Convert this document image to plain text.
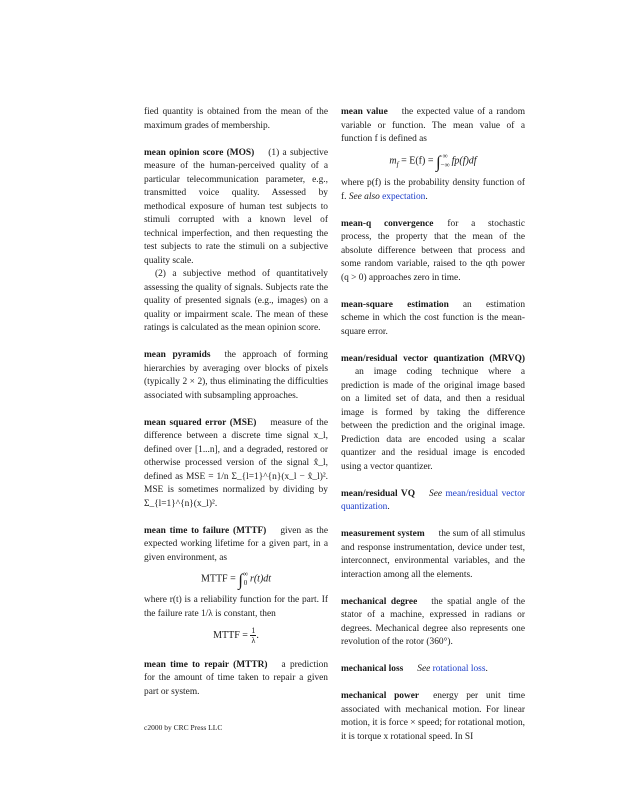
fied quantity is obtained from the mean of the maximum grades of membership.

mean opinion score (MOS) (1) a subjective measure of the human-perceived quality of a particular telecommunication parameter, e.g., transmitted voice quality. Assessed by methodical exposure of human test subjects to stimuli corrupted with a known level of technical imperfection, and then requesting the test subjects to rate the stimuli on a subjective quality scale.

(2) a subjective method of quantitatively assessing the quality of signals. Subjects rate the quality of presented signals (e.g., images) on a quality or impairment scale. The mean of these ratings is calculated as the mean opinion score.

mean pyramids the approach of forming hierarchies by averaging over blocks of pixels (typically 2 × 2), thus eliminating the difficulties associated with subsampling approaches.

mean squared error (MSE) measure of the difference between a discrete time signal x_l, defined over [1...n], and a degraded, restored or otherwise processed version of the signal x̂_l, defined as MSE = 1/n Σ_{l=1}^{n}(x_l − x̂_l)². MSE is sometimes normalized by dividing by Σ_{l=1}^{n}(x_l)².

mean time to failure (MTTF) given as the expected working lifetime for a given part, in a given environment, as

MTTF = ∫ ∞
0 r(t)dt

where r(t) is a reliability function for the part. If the failure rate 1/λ is constant, then

MTTF = $\frac{1}{\lambda}$ .

mean time to repair (MTTR) a prediction for the amount of time taken to repair a given part or system.

mean value the expected value of a random variable or function. The mean value of a function f is defined as

$m_f = E(f)$ = ∫ ∞
−∞ fp(f)df

where p(f) is the probability density function of f. See also expectation.

mean-q convergence for a stochastic process, the property that the mean of the absolute difference between that process and some random variable, raised to the qth power (q > 0) approaches zero in time.

mean-square estimation an estimation scheme in which the cost function is the mean-square error.

mean/residual vector quantization (MRVQ)an image coding technique where a prediction is made of the original image based on a limited set of data, and then a residual image is formed by taking the difference between the prediction and the original image. Prediction data are encoded using a scalar quantizer and the residual image is encoded using a vector quantizer.

mean/residual VQ See mean/residual vector quantization.

measurement system the sum of all stimulus and response instrumentation, device under test, interconnect, environmental variables, and the interaction among all the elements.

mechanical degree the spatial angle of the stator of a machine, expressed in radians or degrees. Mechanical degree also represents one revolution of the rotor (360°).

mechanical loss See rotational loss.

mechanical power energy per unit time associated with mechanical motion. For linear motion, it is force × speed; for rotational motion, it is torque x rotational speed. In SI

c2000 by CRC Press LLC
